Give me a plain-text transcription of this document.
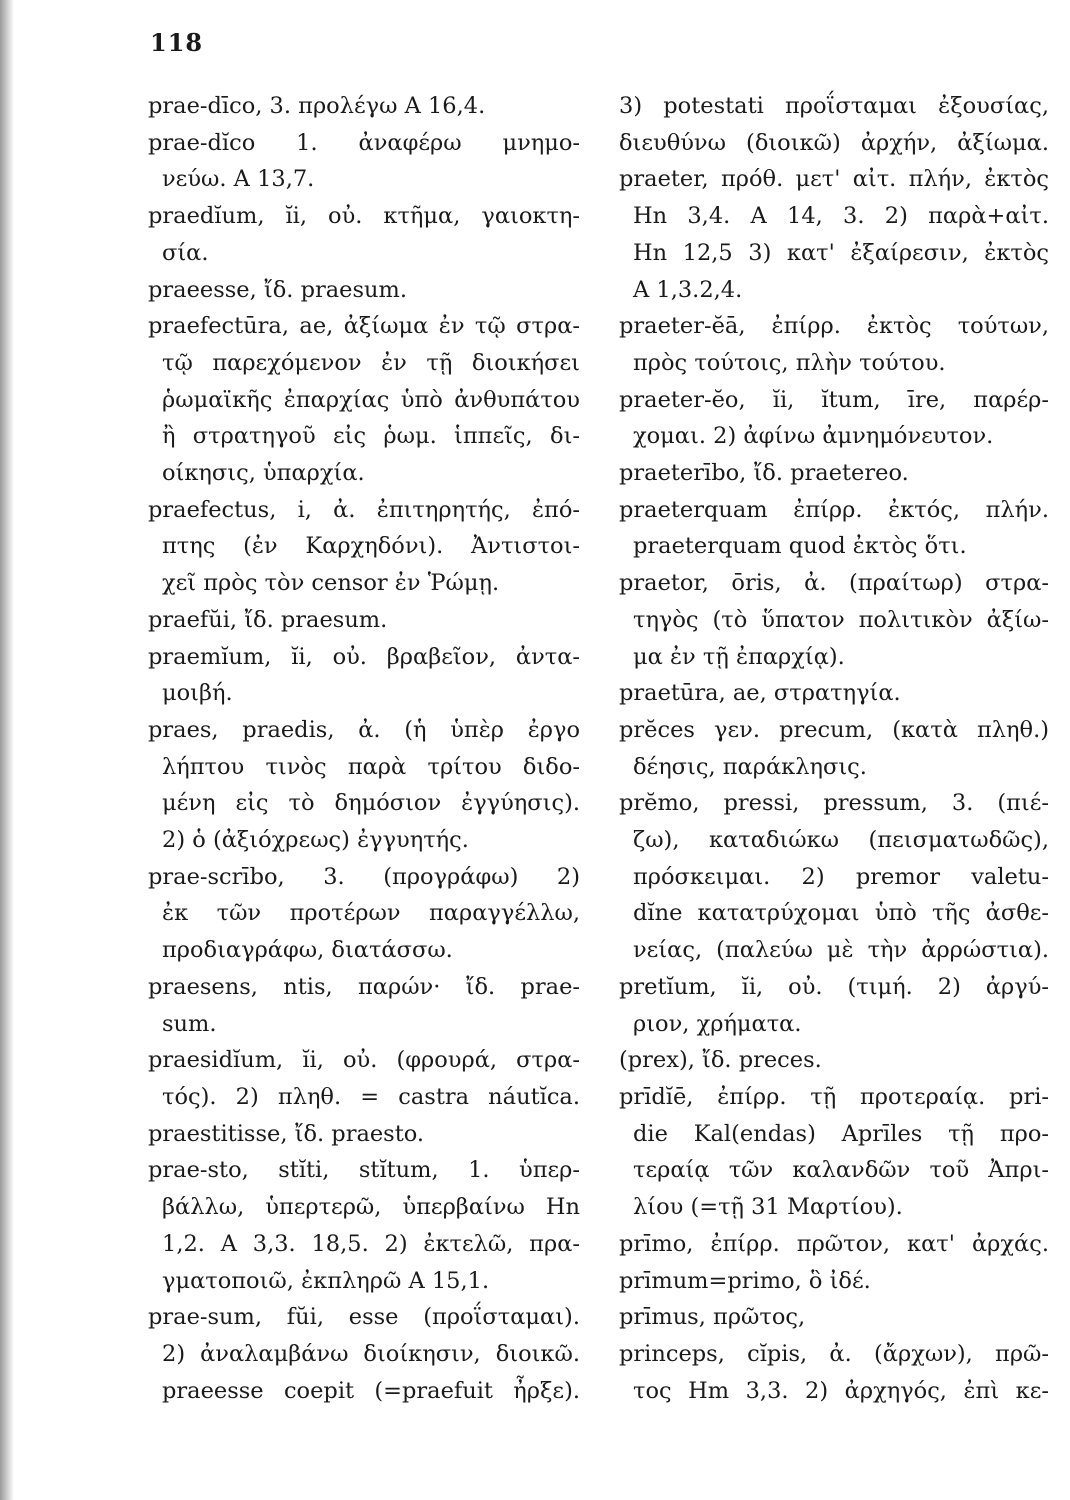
118
prae-dīco, 3. προλέγω A 16,4.
prae-dĭco 1. ἀναφέρω μνημο-
νεύω. A 13,7.
praedĭum, ĭi, οὐ. κτῆμα, γαιοκτη-
σία.
praeesse, ἴδ. praesum.
praefectūra, ae, ἀξίωμα ἐν τῷ στρα-
τῷ παρεχόμενον ἐν τῇ διοικήσει
ῥωμαϊκῆς ἐπαρχίας ὑπὸ ἀνθυπάτου
ἢ στρατηγοῦ εἰς ῥωμ. ἱππεῖς, δι-
οίκησις, ὑπαρχία.
praefectus, i, ἀ. ἐπιτηρητής, ἐπό-
πτης (ἐν Καρχηδόνι). Ἀντιστοι-
χεῖ πρὸς τὸν censor ἐν Ῥώμῃ.
praefŭi, ἴδ. praesum.
praemĭum, ĭi, οὐ. βραβεῖον, ἀντα-
μοιβή.
praes, praedis, ἀ. (ἡ ὑπὲρ ἐργο
λήπτου τινὸς παρὰ τρίτου διδο-
μένη εἰς τὸ δημόσιον ἐγγύησις).
2) ὁ (ἀξιόχρεως) ἐγγυητής.
prae-scrībo, 3. (προγράφω) 2)
ἐκ τῶν προτέρων παραγγέλλω,
προδιαγράφω, διατάσσω.
praesens, ntis, παρών· ἴδ. prae-
sum.
praesidĭum, ĭi, οὐ. (φρουρά, στρα-
τός). 2) πληθ. = castra náutĭca.
praestitisse, ἴδ. praesto.
prae-sto, stĭti, stĭtum, 1. ὑπερ-
βάλλω, ὑπερτερῶ, ὑπερβαίνω Hn
1,2. A 3,3. 18,5. 2) ἐκτελῶ, πρα-
γματοποιῶ, ἐκπληρῶ A 15,1.
prae-sum, fŭi, esse (προΐσταμαι).
2) ἀναλαμβάνω διοίκησιν, διοικῶ.
praeesse coepit (=praefuit ἦρξε).
3) potestati προΐσταμαι ἐξουσίας,
διευθύνω (διοικῶ) ἀρχήν, ἀξίωμα.
praeter, πρόθ. μετ' αἰτ. πλήν, ἐκτὸς
Hn 3,4. A 14, 3. 2) παρὰ+αἰτ.
Hn 12,5 3) κατ' ἐξαίρεσιν, ἐκτὸς
A 1,3.2,4.
praeter-ĕā, ἐπίρρ. ἐκτὸς τούτων,
πρὸς τούτοις, πλὴν τούτου.
praeter-ĕo, ĭi, ĭtum, īre, παρέρ-
χομαι. 2) ἀφίνω ἀμνημόνευτον.
praeterībo, ἴδ. praetereo.
praeterquam ἐπίρρ. ἐκτός, πλήν.
praeterquam quod ἐκτὸς ὅτι.
praetor, ōris, ἀ. (πραίτωρ) στρα-
τηγὸς (τὸ ὕπατον πολιτικὸν ἀξίω-
μα ἐν τῇ ἐπαρχίᾳ).
praetūra, ae, στρατηγία.
prĕces γεν. precum, (κατὰ πληθ.)
δέησις, παράκλησις.
prĕmo, pressi, pressum, 3. (πιέ-
ζω), καταδιώκω (πεισματωδῶς),
πρόσκειμαι. 2) premor valetu-
dĭne κατατρύχομαι ὑπὸ τῆς ἀσθε-
νείας, (παλεύω μὲ τὴν ἀρρώστια).
pretĭum, ĭi, οὐ. (τιμή. 2) ἀργύ-
ριον, χρήματα.
(prex), ἴδ. preces.
prīdĭē, ἐπίρρ. τῇ προτεραίᾳ. pri-
die Kal(endas) Aprīles τῇ προ-
τεραίᾳ τῶν καλανδῶν τοῦ Ἀπρι-
λίου (=τῇ 31 Μαρτίου).
prīmo, ἐπίρρ. πρῶτον, κατ' ἀρχάς.
prīmum=primo, ὃ ἰδέ.
prīmus, πρῶτος,
princeps, cĭpis, ἀ. (ἄρχων), πρῶ-
τος Hm 3,3. 2) ἀρχηγός, ἐπὶ κε-
